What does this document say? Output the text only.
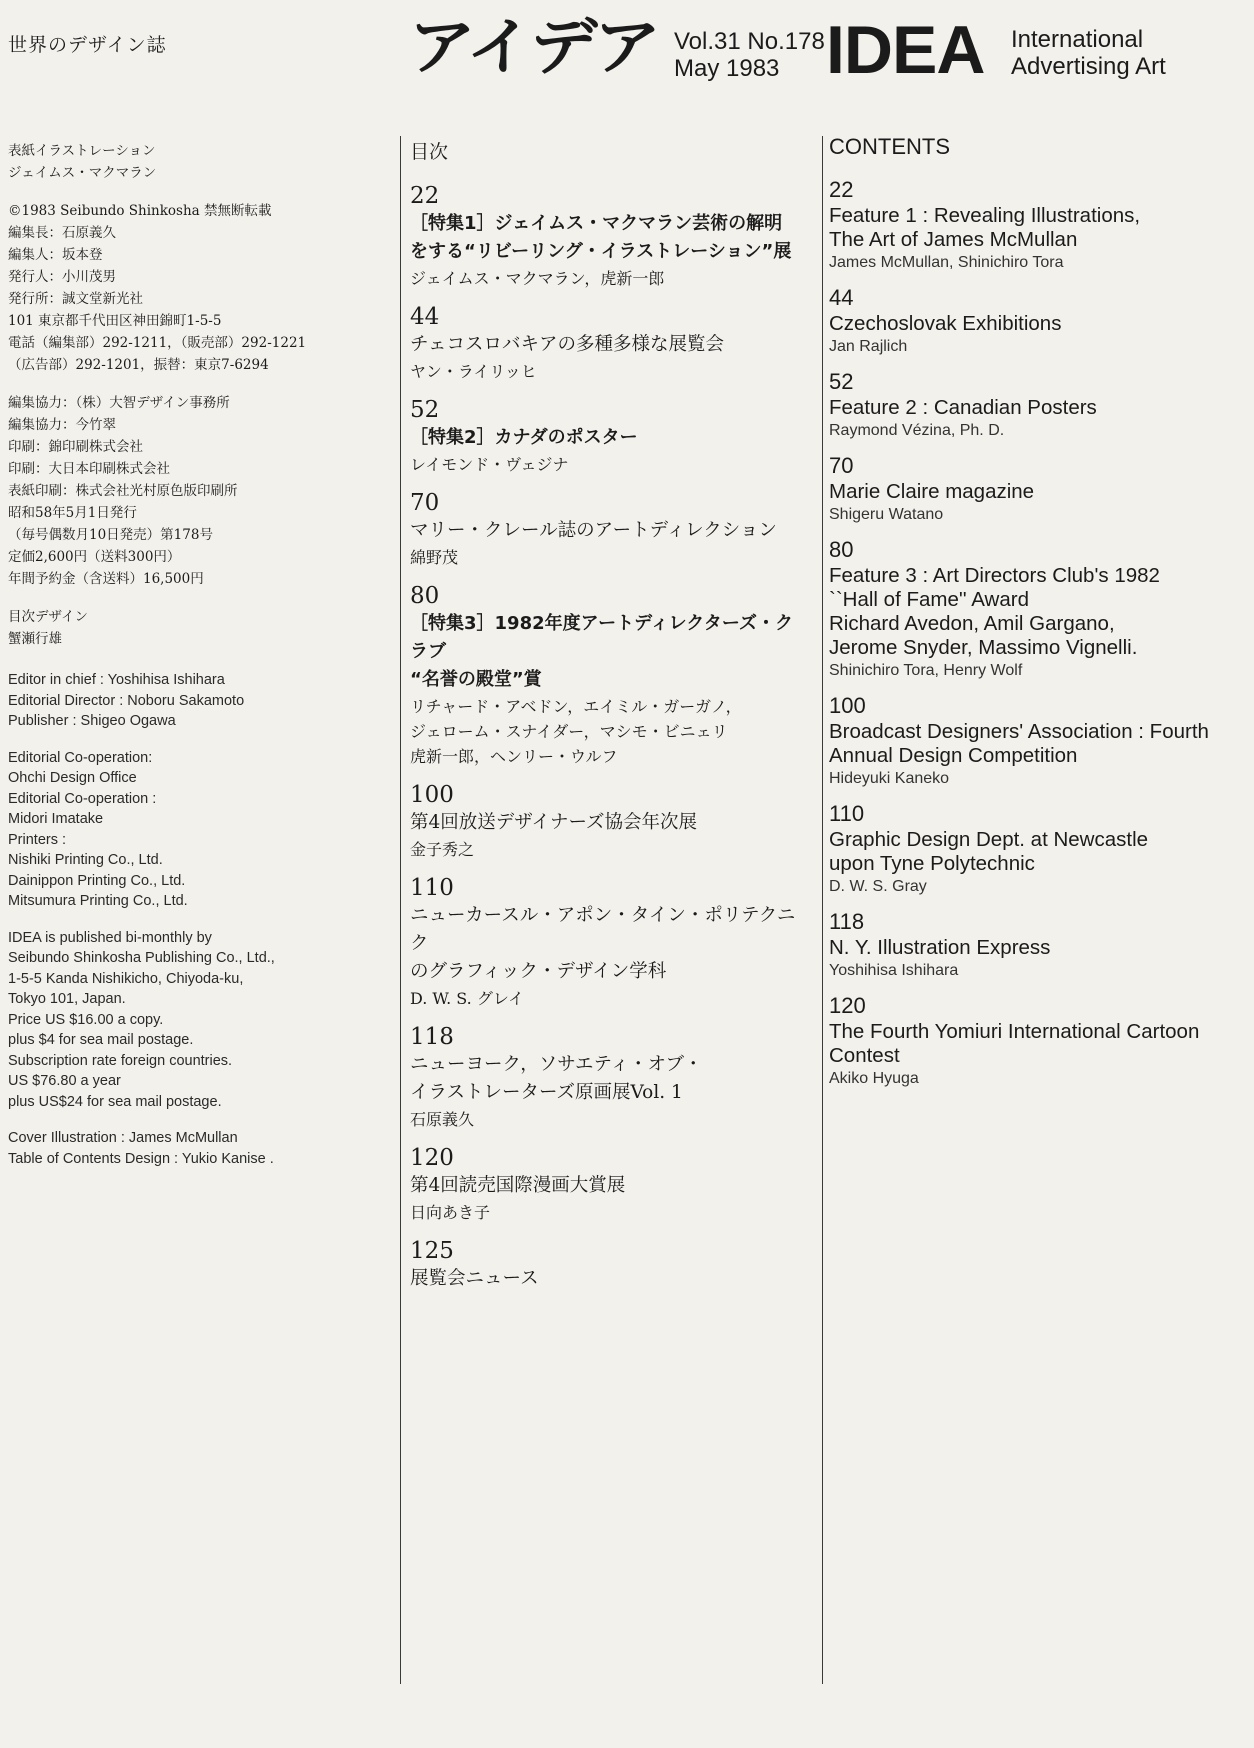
世界のデザイン誌	アイデア Vol.31 No.178
May 1983 IDEA International
Advertising Art
表紙イラストレーション
ジェイムス・マクマラン
©1983 Seibundo Shinkosha 禁無断転載
編集長：石原義久
編集人：坂本登
発行人：小川茂男
発行所：誠文堂新光社
101 東京都千代田区神田錦町1-5-5
電話（編集部）292-1211，（販売部）292-1221
（広告部）292-1201，振替：東京7-6294
編集協力：（株）大智デザイン事務所
編集協力：今竹翠
印刷：錦印刷株式会社
印刷：大日本印刷株式会社
表紙印刷：株式会社光村原色版印刷所
昭和58年5月1日発行
（毎号偶数月10日発売）第178号
定価2,600円（送料300円）
年間予約金（含送料）16,500円
目次デザイン
蟹瀬行雄
Editor in chief : Yoshihisa Ishihara
Editorial Director : Noboru Sakamoto
Publisher : Shigeo Ogawa
Editorial Co-operation:
Ohchi Design Office
Editorial Co-operation :
Midori Imatake
Printers :
Nishiki Printing Co., Ltd.
Dainippon Printing Co., Ltd.
Mitsumura Printing Co., Ltd.
IDEA is published bi-monthly by
Seibundo Shinkosha Publishing Co., Ltd.,
1-5-5 Kanda Nishikicho, Chiyoda-ku,
Tokyo 101, Japan.
Price US $16.00 a copy.
plus $4 for sea mail postage.
Subscription rate foreign countries.
US $76.80 a year
plus US$24 for sea mail postage.
Cover Illustration : James McMullan
Table of Contents Design : Yukio Kanise .
目次
22
［特集1］ジェイムス・マクマラン芸術の解明
をする“リビーリング・イラストレーション”展
ジェイムス・マクマラン，虎新一郎
44
チェコスロバキアの多種多様な展覧会
ヤン・ライリッヒ
52
［特集2］カナダのポスター
レイモンド・ヴェジナ
70
マリー・クレール誌のアートディレクション
綿野茂
80
［特集3］1982年度アートディレクターズ・クラブ
“名誉の殿堂”賞
リチャード・アベドン，エイミル・ガーガノ，
ジェローム・スナイダー，マシモ・ビニェリ
虎新一郎，ヘンリー・ウルフ
100
第4回放送デザイナーズ協会年次展
金子秀之
110
ニューカースル・アポン・タイン・ポリテクニク
のグラフィック・デザイン学科
D. W. S. グレイ
118
ニューヨーク，ソサエティ・オブ・
イラストレーターズ原画展Vol. 1
石原義久
120
第4回読売国際漫画大賞展
日向あき子
125
展覧会ニュース
CONTENTS
22
Feature 1 : Revealing Illustrations,
The Art of James McMullan
James McMullan, Shinichiro Tora
44
Czechoslovak Exhibitions
Jan Rajlich
52
Feature 2 : Canadian Posters
Raymond Vézina, Ph. D.
70
Marie Claire magazine
Shigeru Watano
80
Feature 3 : Art Directors Club's 1982
``Hall of Fame'' Award
Richard Avedon, Amil Gargano,
Jerome Snyder, Massimo Vignelli.
Shinichiro Tora, Henry Wolf
100
Broadcast Designers' Association : Fourth
Annual Design Competition
Hideyuki Kaneko
110
Graphic Design Dept. at Newcastle
upon Tyne Polytechnic
D. W. S. Gray
118
N. Y. Illustration Express
Yoshihisa Ishihara
120
The Fourth Yomiuri International Cartoon
Contest
Akiko Hyuga
